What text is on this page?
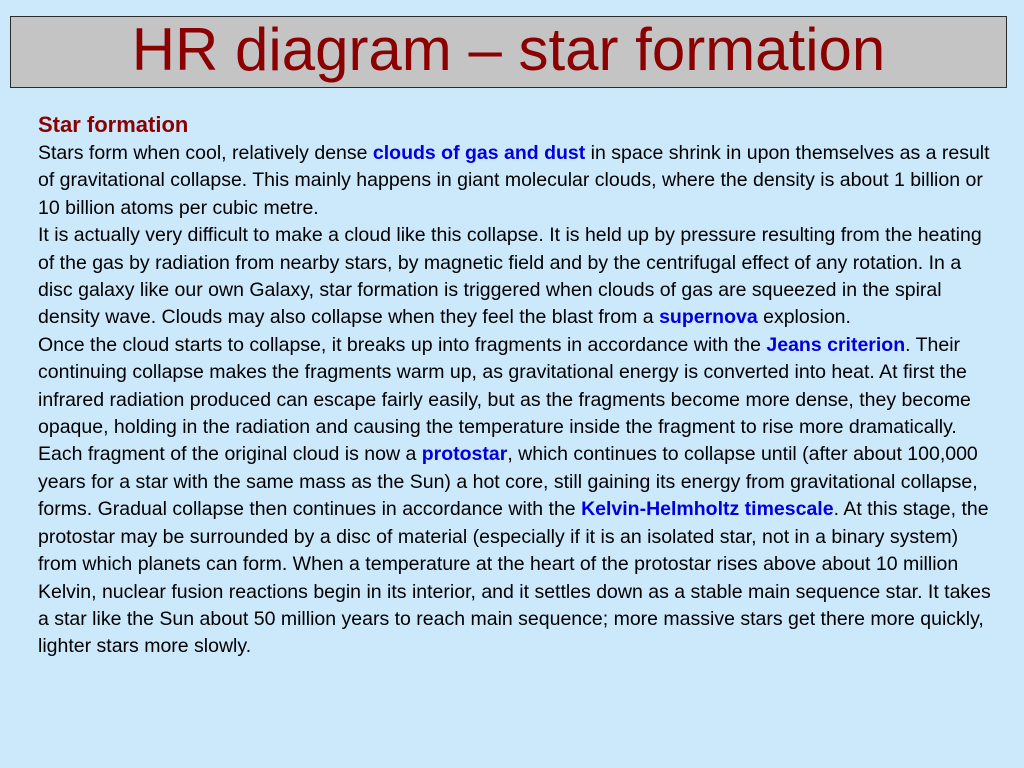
HR diagram – star formation
Star formation

Stars form when cool, relatively dense clouds of gas and dust in space shrink in upon themselves as a result of gravitational collapse. This mainly happens in giant molecular clouds, where the density is about 1 billion or 10 billion atoms per cubic metre.

It is actually very difficult to make a cloud like this collapse. It is held up by pressure resulting from the heating of the gas by radiation from nearby stars, by magnetic field and by the centrifugal effect of any rotation. In a disc galaxy like our own Galaxy, star formation is triggered when clouds of gas are squeezed in the spiral density wave. Clouds may also collapse when they feel the blast from a supernova explosion.

Once the cloud starts to collapse, it breaks up into fragments in accordance with the Jeans criterion. Their continuing collapse makes the fragments warm up, as gravitational energy is converted into heat. At first the infrared radiation produced can escape fairly easily, but as the fragments become more dense, they become opaque, holding in the radiation and causing the temperature inside the fragment to rise more dramatically. Each fragment of the original cloud is now a protostar, which continues to collapse until (after about 100,000 years for a star with the same mass as the Sun) a hot core, still gaining its energy from gravitational collapse, forms. Gradual collapse then continues in accordance with the Kelvin-Helmholtz timescale. At this stage, the protostar may be surrounded by a disc of material (especially if it is an isolated star, not in a binary system) from which planets can form. When a temperature at the heart of the protostar rises above about 10 million Kelvin, nuclear fusion reactions begin in its interior, and it settles down as a stable main sequence star. It takes a star like the Sun about 50 million years to reach main sequence; more massive stars get there more quickly, lighter stars more slowly.
